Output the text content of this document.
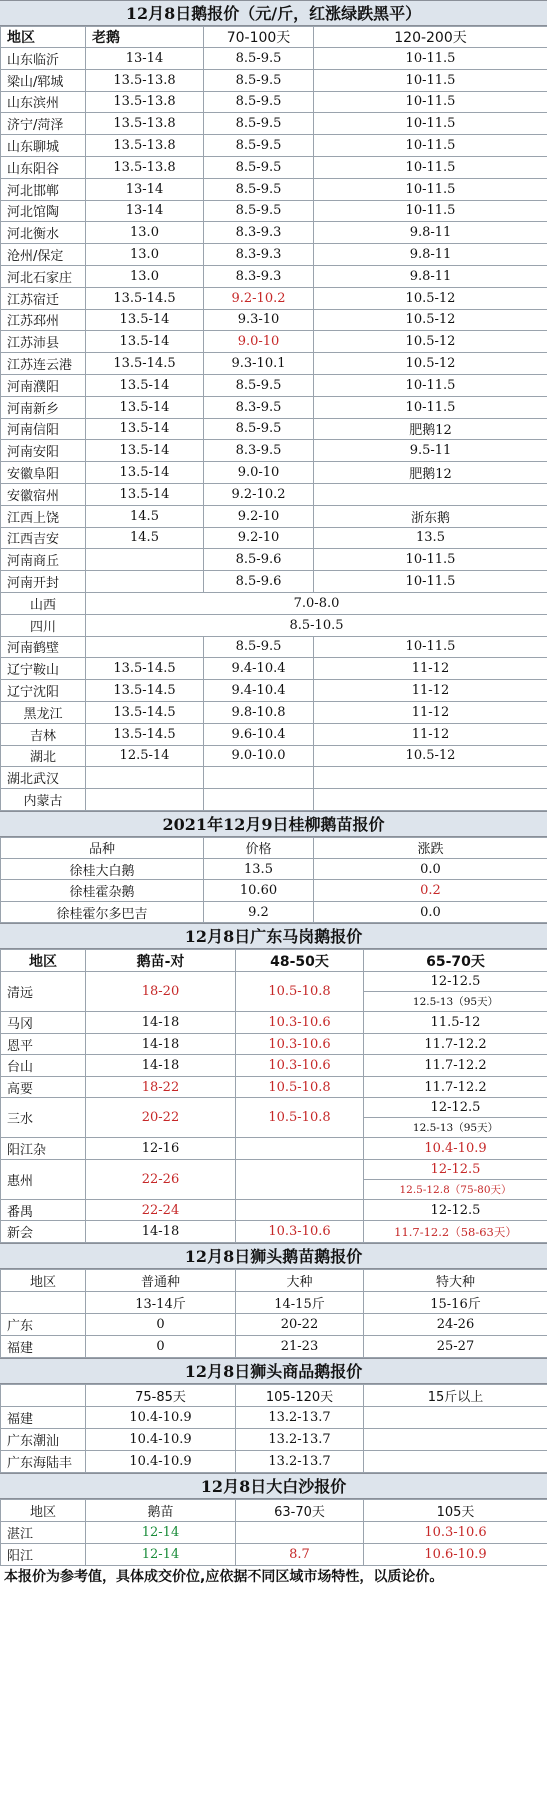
12月8日鹅报价（元/斤，红涨绿跌黑平）
地区	老鹅	70-100天	120-200天
山东临沂	13-14	8.5-9.5	10-11.5
梁山/郓城	13.5-13.8	8.5-9.5	10-11.5
山东滨州	13.5-13.8	8.5-9.5	10-11.5
济宁/菏泽	13.5-13.8	8.5-9.5	10-11.5
山东聊城	13.5-13.8	8.5-9.5	10-11.5
山东阳谷	13.5-13.8	8.5-9.5	10-11.5
河北邯郸	13-14	8.5-9.5	10-11.5
河北馆陶	13-14	8.5-9.5	10-11.5
河北衡水	13.0	8.3-9.3	9.8-11
沧州/保定	13.0	8.3-9.3	9.8-11
河北石家庄	13.0	8.3-9.3	9.8-11
江苏宿迁	13.5-14.5	9.2-10.2	10.5-12
江苏邳州	13.5-14	9.3-10	10.5-12
江苏沛县	13.5-14	9.0-10	10.5-12
江苏连云港	13.5-14.5	9.3-10.1	10.5-12
河南濮阳	13.5-14	8.5-9.5	10-11.5
河南新乡	13.5-14	8.3-9.5	10-11.5
河南信阳	13.5-14	8.5-9.5	肥鹅12
河南安阳	13.5-14	8.3-9.5	9.5-11
安徽阜阳	13.5-14	9.0-10	肥鹅12
安徽宿州	13.5-14	9.2-10.2	
江西上饶	14.5	9.2-10	浙东鹅
江西吉安	14.5	9.2-10	13.5
河南商丘		8.5-9.6	10-11.5
河南开封		8.5-9.6	10-11.5
山西	7.0-8.0		
四川	8.5-10.5		
河南鹤壁		8.5-9.5	10-11.5
辽宁鞍山	13.5-14.5	9.4-10.4	11-12
辽宁沈阳	13.5-14.5	9.4-10.4	11-12
黑龙江	13.5-14.5	9.8-10.8	11-12
吉林	13.5-14.5	9.6-10.4	11-12
湖北	12.5-14	9.0-10.0	10.5-12
湖北武汉			
内蒙古			
2021年12月9日桂柳鹅苗报价
品种	价格	涨跌
徐桂大白鹅	13.5	0.0
徐桂霍杂鹅	10.60	0.2
徐桂霍尔多巴吉	9.2	0.0
12月8日广东马岗鹅报价
地区	鹅苗-对	48-50天	65-70天
清远	18-20	10.5-10.8	12-12.5
			12.5-13（95天）
马冈	14-18	10.3-10.6	11.5-12
恩平	14-18	10.3-10.6	11.7-12.2
台山	14-18	10.3-10.6	11.7-12.2
高要	18-22	10.5-10.8	11.7-12.2
三水	20-22	10.5-10.8	12-12.5
			12.5-13（95天）
阳江杂	12-16		10.4-10.9
惠州	22-26		12-12.5
			12.5-12.8（75-80天）
番禺	22-24		12-12.5
新会	14-18	10.3-10.6	11.7-12.2（58-63天）
12月8日狮头鹅苗鹅报价
地区	普通种	大种	特大种
	13-14斤	14-15斤	15-16斤
广东	0	20-22	24-26
福建	0	21-23	25-27
12月8日狮头商品鹅报价
	75-85天	105-120天	15斤以上
福建	10.4-10.9	13.2-13.7	
广东潮汕	10.4-10.9	13.2-13.7	
广东海陆丰	10.4-10.9	13.2-13.7	
12月8日大白沙报价
地区	鹅苗	63-70天	105天
湛江	12-14		10.3-10.6
阳江	12-14	8.7	10.6-10.9
本报价为参考值，具体成交价位,应依据不同区域市场特性，以质论价。
